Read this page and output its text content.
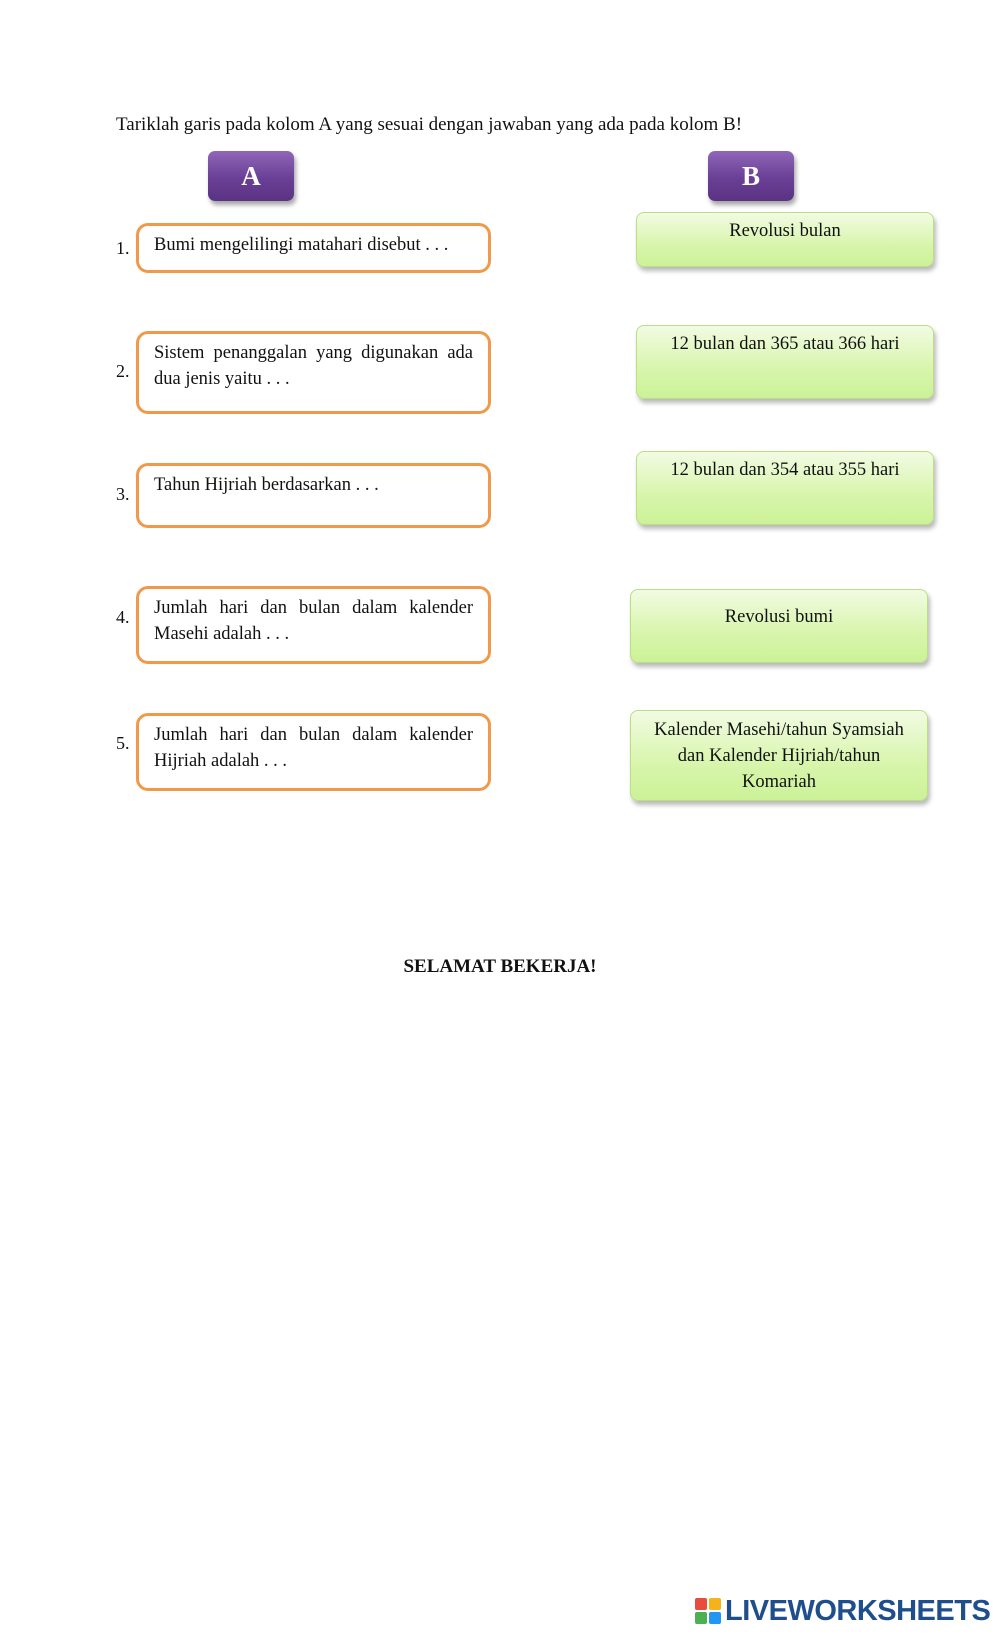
Tariklah garis pada kolom A yang sesuai dengan jawaban yang ada pada kolom B!
A	B
1.	Bumi mengelilingi matahari disebut . . .
2.
Sistem penanggalan yang digunakan ada dua jenis yaitu . . .
3.	Tahun Hijriah berdasarkan . . .
4.	Jumlah hari dan bulan dalam kalender Masehi adalah . . .
5.	Jumlah hari dan bulan dalam kalender Hijriah adalah . . .
Revolusi bulan
12 bulan dan 365 atau 366 hari
12 bulan dan 354 atau 355 hari
Revolusi bumi
Kalender Masehi/tahun Syamsiah dan Kalender Hijriah/tahun Komariah
SELAMAT BEKERJA!
LIVEWORKSHEETS
